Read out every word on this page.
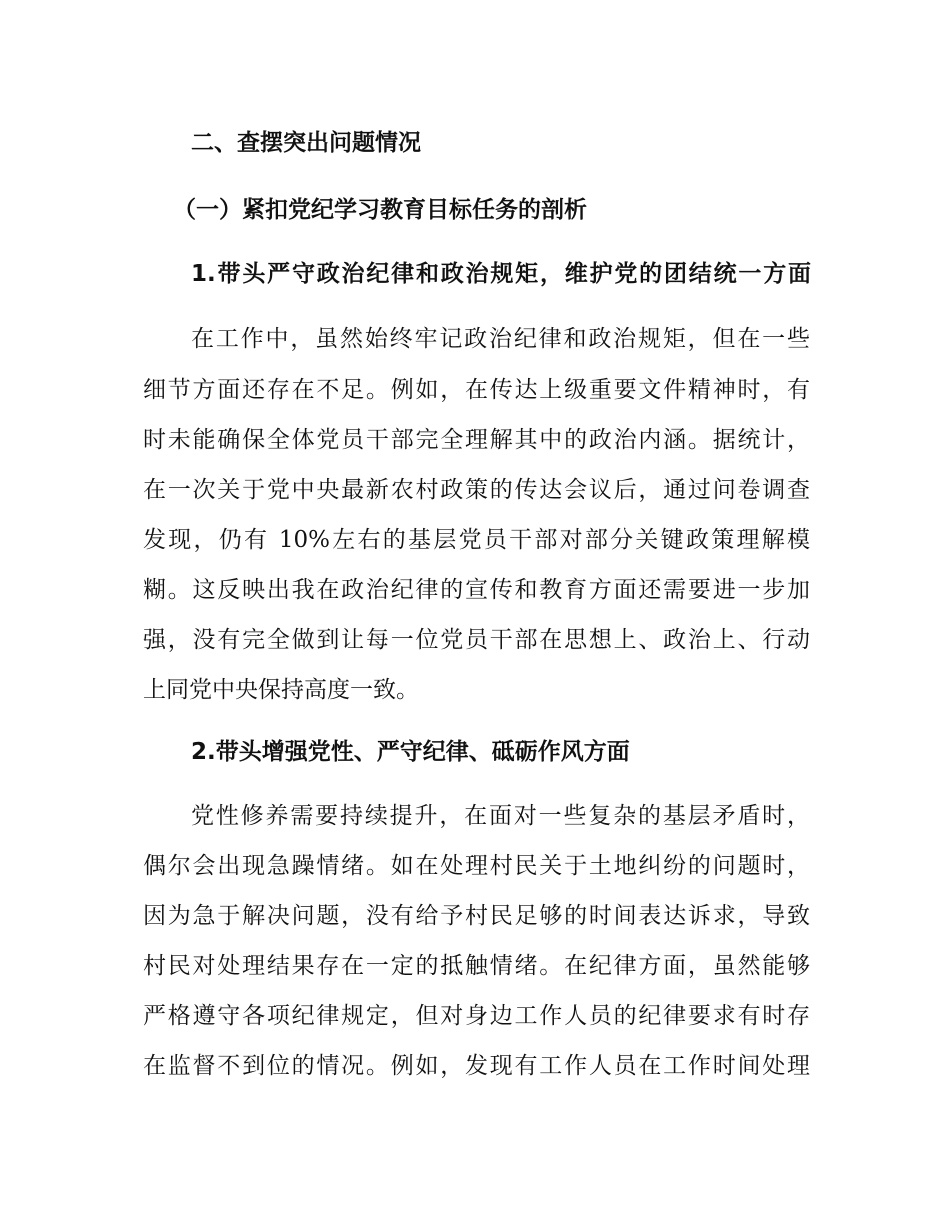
二、查摆突出问题情况
（一）紧扣党纪学习教育目标任务的剖析
1.带头严守政治纪律和政治规矩，维护党的团结统一方面
在工作中，虽然始终牢记政治纪律和政治规矩，但在一些
细节方面还存在不足。例如，在传达上级重要文件精神时，有
时未能确保全体党员干部完全理解其中的政治内涵。据统计，
在一次关于党中央最新农村政策的传达会议后，通过问卷调查
发现，仍有 10%左右的基层党员干部对部分关键政策理解模
糊。这反映出我在政治纪律的宣传和教育方面还需要进一步加
强，没有完全做到让每一位党员干部在思想上、政治上、行动
上同党中央保持高度一致。
2.带头增强党性、严守纪律、砥砺作风方面
党性修养需要持续提升，在面对一些复杂的基层矛盾时，
偶尔会出现急躁情绪。如在处理村民关于土地纠纷的问题时，
因为急于解决问题，没有给予村民足够的时间表达诉求，导致
村民对处理结果存在一定的抵触情绪。在纪律方面，虽然能够
严格遵守各项纪律规定，但对身边工作人员的纪律要求有时存
在监督不到位的情况。例如，发现有工作人员在工作时间处理
